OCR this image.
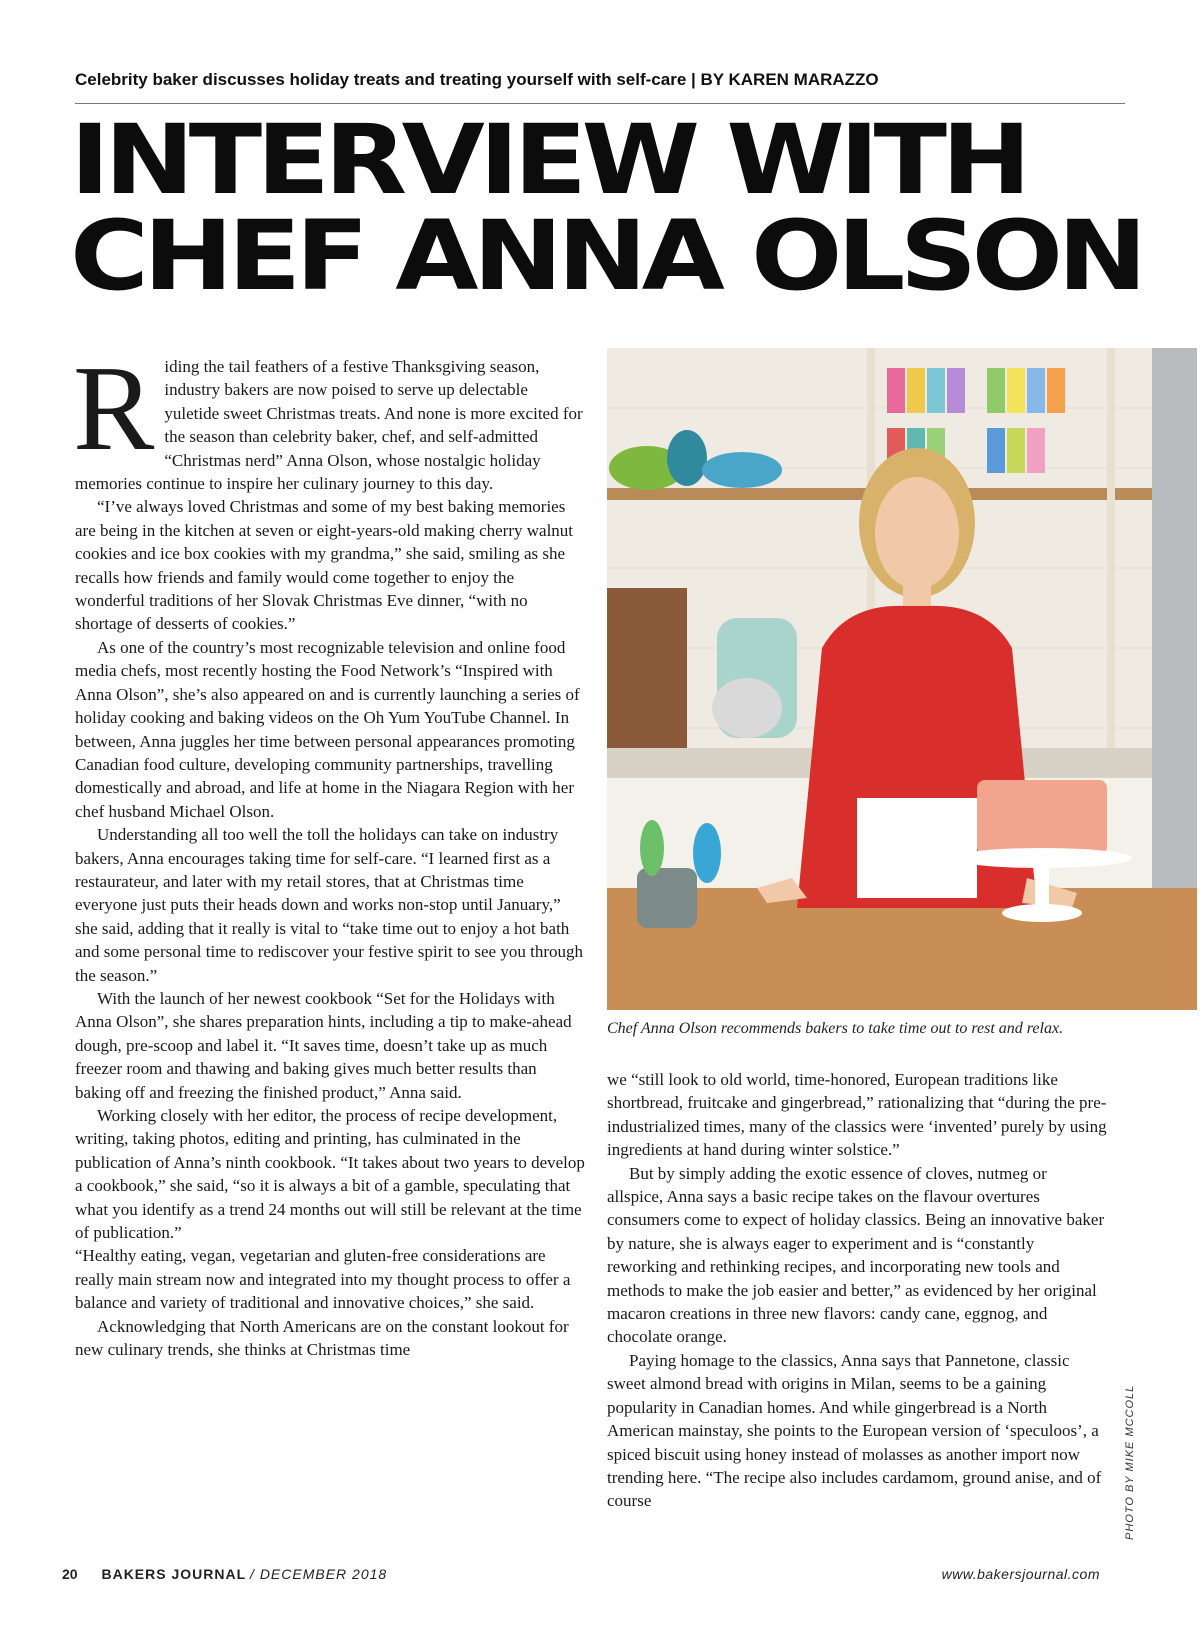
Celebrity baker discusses holiday treats and treating yourself with self-care | BY KAREN MARAZZO
INTERVIEW WITH
CHEF ANNA OLSON

Riding the tail feathers of a festive Thanksgiving season, industry bakers are now poised to serve up delectable yuletide sweet Christmas treats. And none is more excited for the season than celebrity baker, chef, and self-admitted “Christmas nerd” Anna Olson, whose nostalgic holiday memories continue to inspire her culinary journey to this day.

“I’ve always loved Christmas and some of my best baking memories are being in the kitchen at seven or eight-years-old making cherry walnut cookies and ice box cookies with my grandma,” she said, smiling as she recalls how friends and family would come together to enjoy the wonderful traditions of her Slovak Christmas Eve dinner, “with no shortage of desserts of cookies.”

As one of the country’s most recognizable television and online food media chefs, most recently hosting the Food Network’s “Inspired with Anna Olson”, she’s also appeared on and is currently launching a series of holiday cooking and baking videos on the Oh Yum YouTube Channel. In between, Anna juggles her time between personal appearances promoting Canadian food culture, developing community partnerships, travelling domestically and abroad, and life at home in the Niagara Region with her chef husband Michael Olson.

Understanding all too well the toll the holidays can take on industry bakers, Anna encourages taking time for self-care. “I learned first as a restaurateur, and later with my retail stores, that at Christmas time everyone just puts their heads down and works non-stop until January,” she said, adding that it really is vital to “take time out to enjoy a hot bath and some personal time to rediscover your festive spirit to see you through the season.”

With the launch of her newest cookbook “Set for the Holidays with Anna Olson”, she shares preparation hints, including a tip to make-ahead dough, pre-scoop and label it. “It saves time, doesn’t take up as much freezer room and thawing and baking gives much better results than baking off and freezing the finished product,” Anna said.

Working closely with her editor, the process of recipe development, writing, taking photos, editing and printing, has culminated in the publication of Anna’s ninth cookbook. “It takes about two years to develop a cookbook,” she said, “so it is always a bit of a gamble, speculating that what you identify as a trend 24 months out will still be relevant at the time of publication.”

“Healthy eating, vegan, vegetarian and gluten-free considerations are really main stream now and integrated into my thought process to offer a balance and variety of traditional and innovative choices,” she said.

Acknowledging that North Americans are on the constant lookout for new culinary trends, she thinks at Christmas time

Chef Anna Olson recommends bakers to take time out to rest and relax.
PHOTO BY MIKE MCCOLL

we “still look to old world, time-honored, European traditions like shortbread, fruitcake and gingerbread,” rationalizing that “during the pre-industrialized times, many of the classics were ‘invented’ purely by using ingredients at hand during winter solstice.”

But by simply adding the exotic essence of cloves, nutmeg or allspice, Anna says a basic recipe takes on the flavour overtures consumers come to expect of holiday classics. Being an innovative baker by nature, she is always eager to experiment and is “constantly reworking and rethinking recipes, and incorporating new tools and methods to make the job easier and better,” as evidenced by her original macaron creations in three new flavors: candy cane, eggnog, and chocolate orange.

Paying homage to the classics, Anna says that Pannetone, classic sweet almond bread with origins in Milan, seems to be a gaining popularity in Canadian homes. And while gingerbread is a North American mainstay, she points to the European version of ‘speculoos’, a spiced biscuit using honey instead of molasses as another import now trending here. “The recipe also includes cardamom, ground anise, and of course

20 BAKERS JOURNAL / DECEMBER 2018	www.bakersjournal.com
